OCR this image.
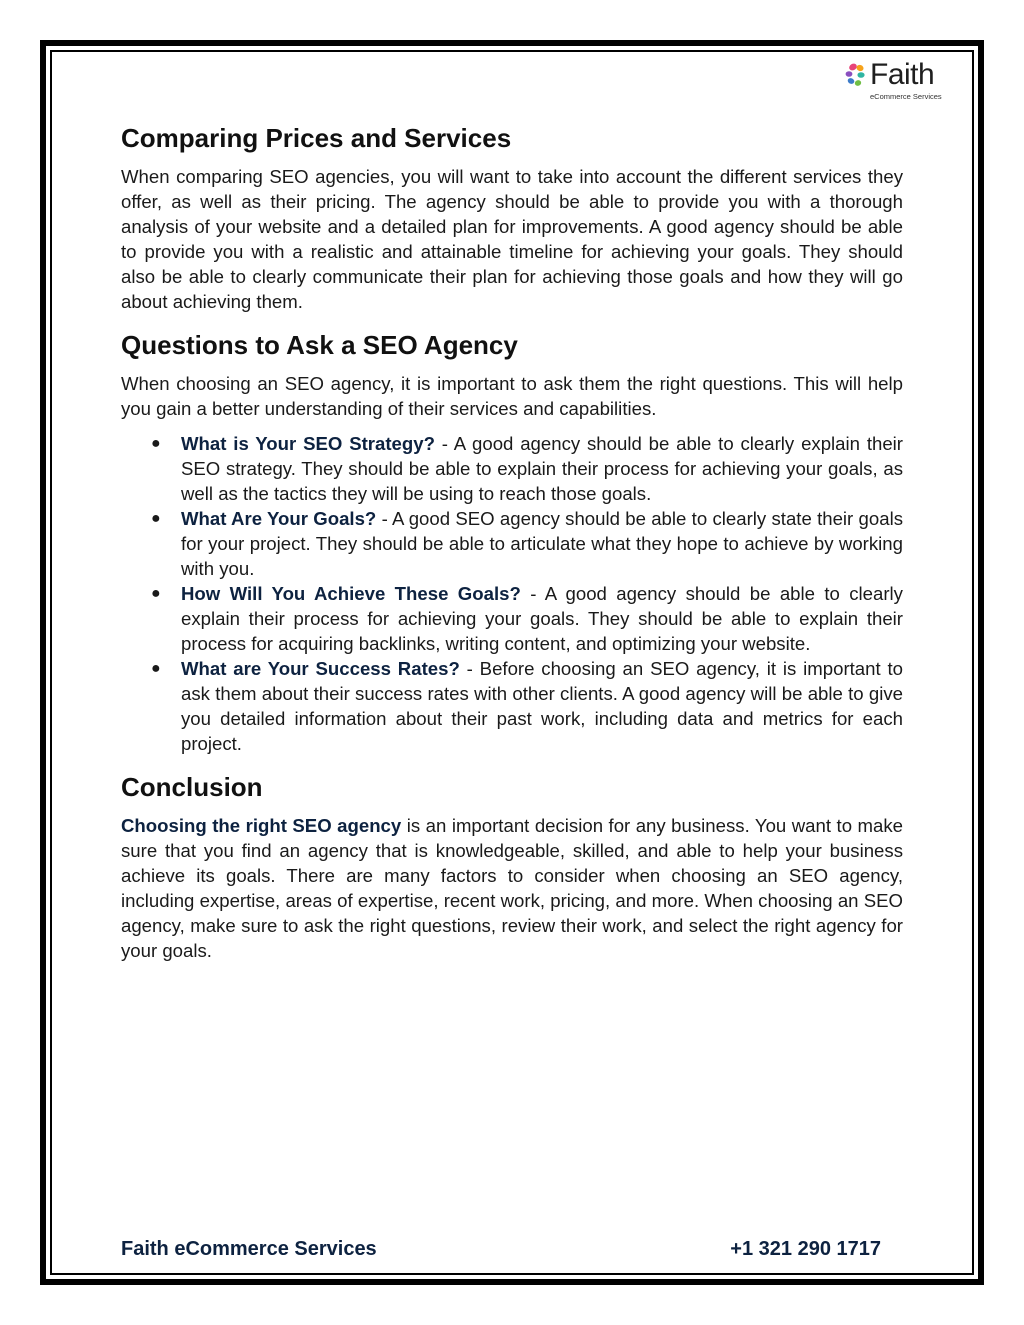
Faith
eCommerce Services
Comparing Prices and Services

When comparing SEO agencies, you will want to take into account the different services they offer, as well as their pricing. The agency should be able to provide you with a thorough analysis of your website and a detailed plan for improvements. A good agency should be able to provide you with a realistic and attainable timeline for achieving your goals. They should also be able to clearly communicate their plan for achieving those goals and how they will go about achieving them.

Questions to Ask a SEO Agency

When choosing an SEO agency, it is important to ask them the right questions. This will help you gain a better understanding of their services and capabilities.

● What is Your SEO Strategy? - A good agency should be able to clearly explain their SEO strategy. They should be able to explain their process for achieving your goals, as well as the tactics they will be using to reach those goals.
● What Are Your Goals? - A good SEO agency should be able to clearly state their goals for your project. They should be able to articulate what they hope to achieve by working with you.
● How Will You Achieve These Goals? - A good agency should be able to clearly explain their process for achieving your goals. They should be able to explain their process for acquiring backlinks, writing content, and optimizing your website.
● What are Your Success Rates? - Before choosing an SEO agency, it is important to ask them about their success rates with other clients. A good agency will be able to give you detailed information about their past work, including data and metrics for each project.
Conclusion

Choosing the right SEO agency is an important decision for any business. You want to make sure that you find an agency that is knowledgeable, skilled, and able to help your business achieve its goals. There are many factors to consider when choosing an SEO agency, including expertise, areas of expertise, recent work, pricing, and more. When choosing an SEO agency, make sure to ask the right questions, review their work, and select the right agency for your goals.

Faith eCommerce Services	+1 321 290 1717
